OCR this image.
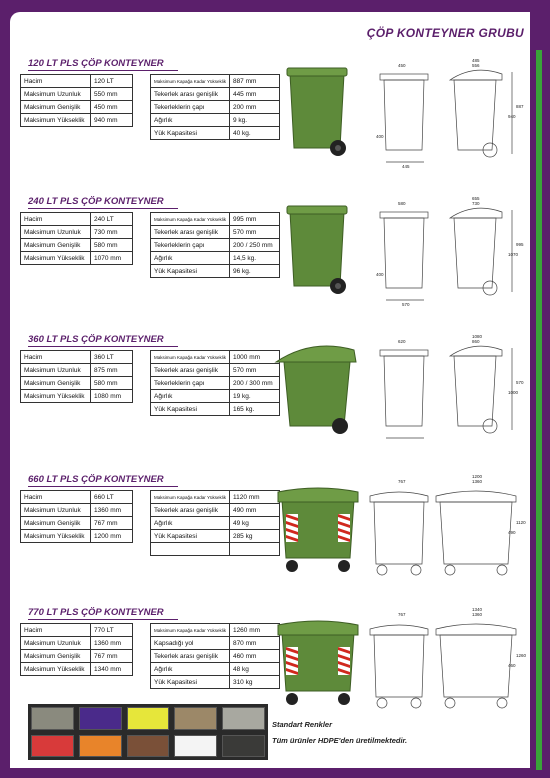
ÇÖP KONTEYNER GRUBU
120 LT PLS ÇÖP KONTEYNER
Hacim	120 LT
Maksimum Uzunluk	550 mm
Maksimum Genişlik	450 mm
Maksimum Yükseklik	940 mm
Maksimum Kapağa Kadar Yükseklik	887 mm
Tekerlek arası genişlik	445 mm
Tekerleklerin çapı	200 mm
Ağırlık	9 kg.
Yük Kapasitesi	40 kg.
450	556
485
887
940
445
400
240 LT PLS ÇÖP KONTEYNER
Hacim	240 LT
Maksimum Uzunluk	730 mm
Maksimum Genişlik	580 mm
Maksimum Yükseklik	1070 mm
Maksimum Kapağa Kadar Yükseklik	995 mm
Tekerlek arası genişlik	570 mm
Tekerleklerin çapı	200 / 250 mm
Ağırlık	14,5 kg.
Yük Kapasitesi	96 kg.
580	730
655
995
1070
570
400
360 LT PLS ÇÖP KONTEYNER
Hacim	360 LT
Maksimum Uzunluk	875 mm
Maksimum Genişlik	580 mm
Maksimum Yükseklik	1080 mm
Maksimum Kapağa Kadar Yükseklik	1000 mm
Tekerlek arası genişlik	570 mm
Tekerleklerin çapı	200 / 300 mm
Ağırlık	19 kg.
Yük Kapasitesi	165 kg.
620	860
1080
570
1000
660 LT PLS ÇÖP KONTEYNER
Hacim	660 LT
Maksimum Uzunluk	1360 mm
Maksimum Genişlik	767 mm
Maksimum Yükseklik	1200 mm
Maksimum Kapağa Kadar Yükseklik	1120 mm
Tekerlek arası genişlik	490 mm
Ağırlık	49 kg
Yük Kapasitesi	285 kg

767	1360
1200
1120
490
770 LT PLS ÇÖP KONTEYNER
Hacim	770 LT
Maksimum Uzunluk	1360 mm
Maksimum Genişlik	767 mm
Maksimum Yükseklik	1340 mm
Maksimum Kapağa Kadar Yükseklik	1260 mm
Kapsadığı yol	870 mm
Tekerlek arası genişlik	460 mm
Ağırlık	48 kg
Yük Kapasitesi	310 kg
767	1360
1340
1260
460
Standart Renkler
Tüm ürünler HDPE'den üretilmektedir.
